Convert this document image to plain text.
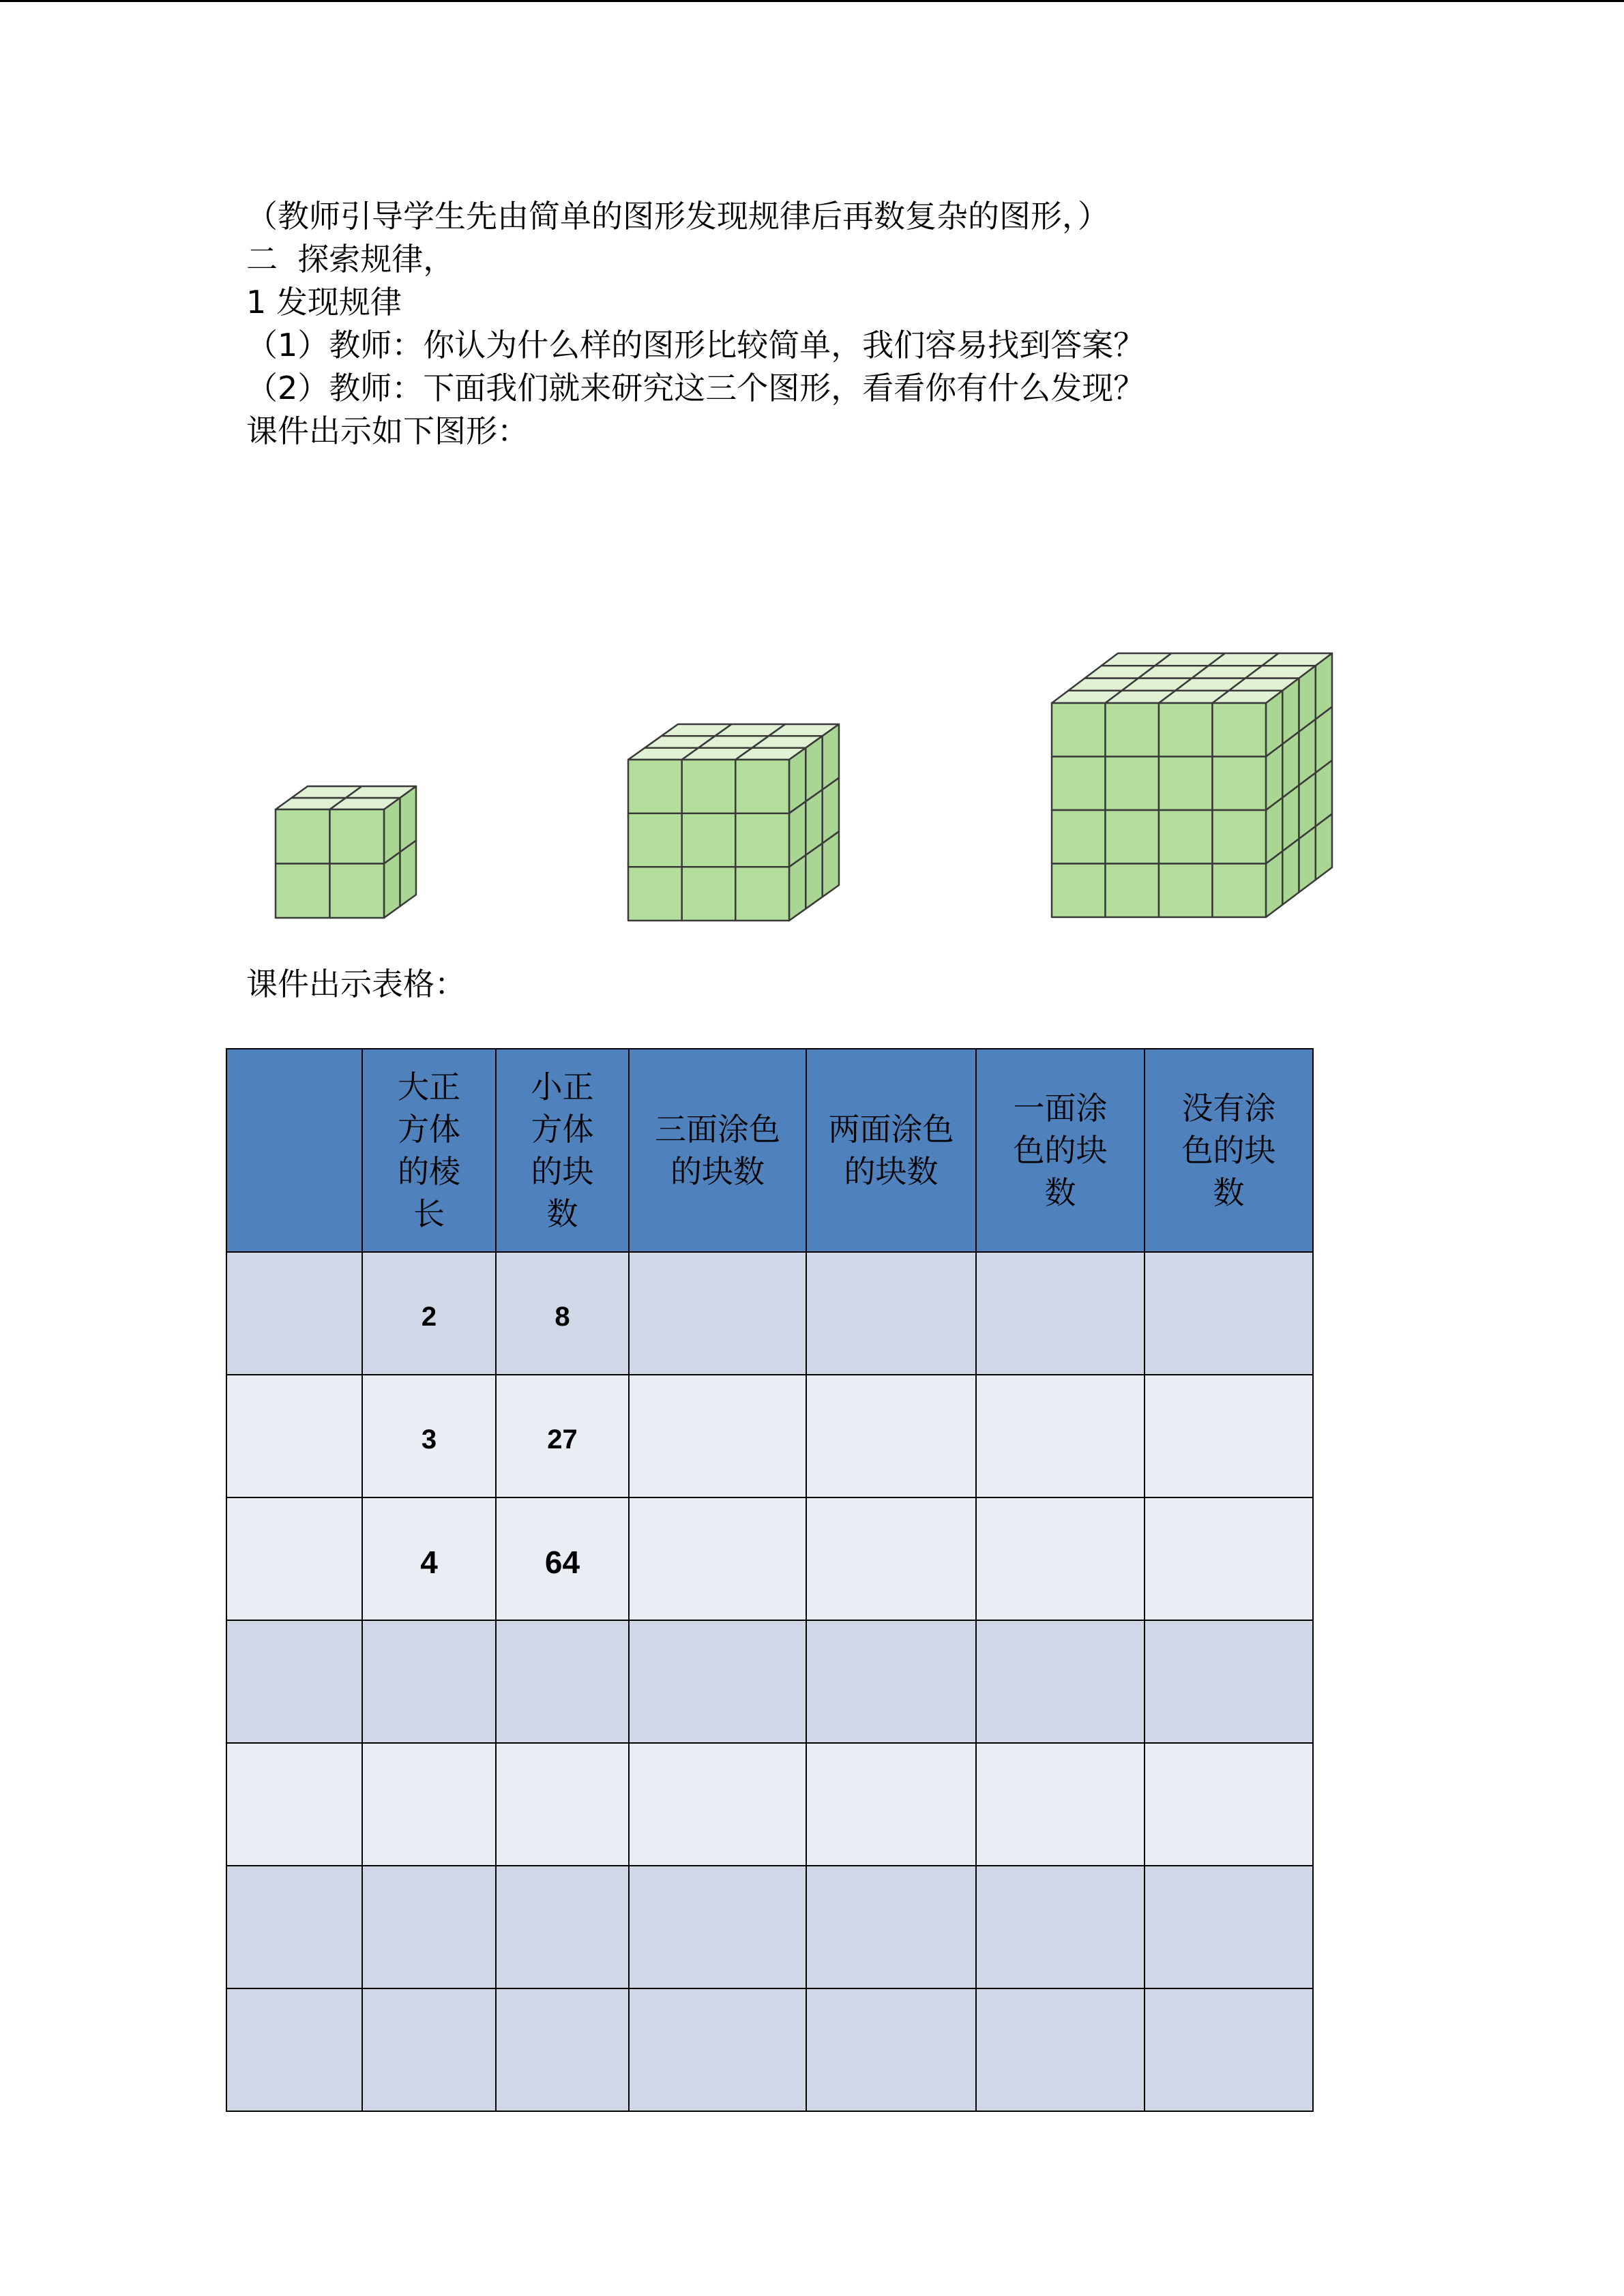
（教师引导学生先由简单的图形发现规律后再数复杂的图形，）
二  探索规律，
1 发现规律
（1）教师：你认为什么样的图形比较简单，我们容易找到答案？
（2）教师：下面我们就来研究这三个图形，看看你有什么发现？
课件出示如下图形：
课件出示表格：
	大正
方体
的棱
长	小正
方体
的块
数	三面涂色
的块数	两面涂色
的块数	一面涂
色的块
数	没有涂
色的块
数
	2	8				
	3	27				
	4	64				
